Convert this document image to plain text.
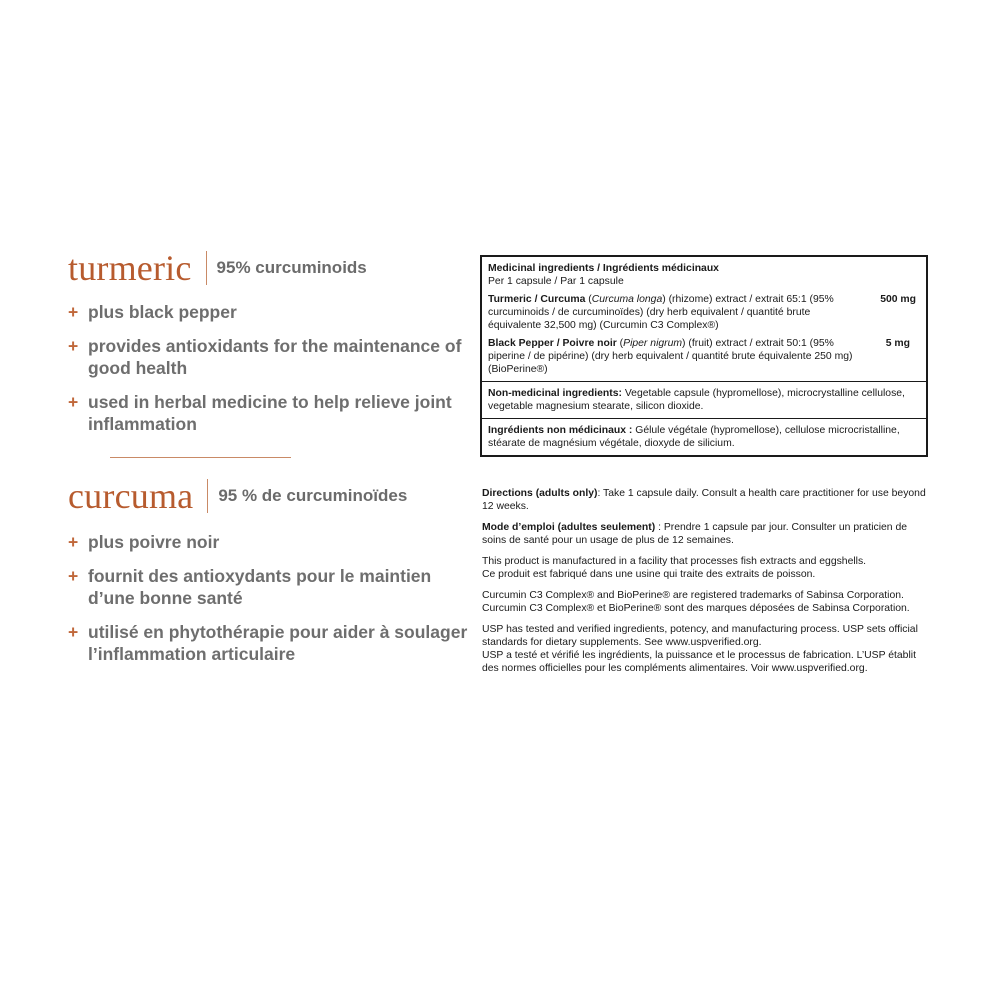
turmeric 95% curcuminoids
+ plus black pepper
+ provides antioxidants for the maintenance of good health
+ used in herbal medicine to help relieve joint inflammation
curcuma 95 % de curcuminoïdes
+ plus poivre noir
+ fournit des antioxydants pour le maintien d’une bonne santé
+ utilisé en phytothérapie pour aider à soulager l’inflammation articulaire
Medicinal ingredients / Ingrédients médicinaux
Per 1 capsule / Par 1 capsule
Turmeric / Curcuma (Curcuma longa) (rhizome) extract / extrait 65:1 (95% curcuminoids / de curcuminoïdes) (dry herb equivalent / quantité brute équivalente 32,500 mg) (Curcumin C3 Complex®)
500 mg
Black Pepper / Poivre noir (Piper nigrum) (fruit) extract / extrait 50:1 (95% piperine / de pipérine) (dry herb equivalent / quantité brute équivalente 250 mg) (BioPerine®)
5 mg
Non-medicinal ingredients: Vegetable capsule (hypromellose), microcrystalline cellulose, vegetable magnesium stearate, silicon dioxide.
Ingrédients non médicinaux : Gélule végétale (hypromellose), cellulose microcristalline, stéarate de magnésium végétale, dioxyde de silicium.

Directions (adults only): Take 1 capsule daily. Consult a health care practitioner for use beyond 12 weeks.

Mode d’emploi (adultes seulement) : Prendre 1 capsule par jour. Consulter un praticien de soins de santé pour un usage de plus de 12 semaines.

This product is manufactured in a facility that processes fish extracts and eggshells.
Ce produit est fabriqué dans une usine qui traite des extraits de poisson.

Curcumin C3 Complex® and BioPerine® are registered trademarks of Sabinsa Corporation.
Curcumin C3 Complex® et BioPerine® sont des marques déposées de Sabinsa Corporation.

USP has tested and verified ingredients, potency, and manufacturing process. USP sets official standards for dietary supplements. See www.uspverified.org.
USP a testé et vérifié les ingrédients, la puissance et le processus de fabrication. L’USP établit des normes officielles pour les compléments alimentaires. Voir www.uspverified.org.
